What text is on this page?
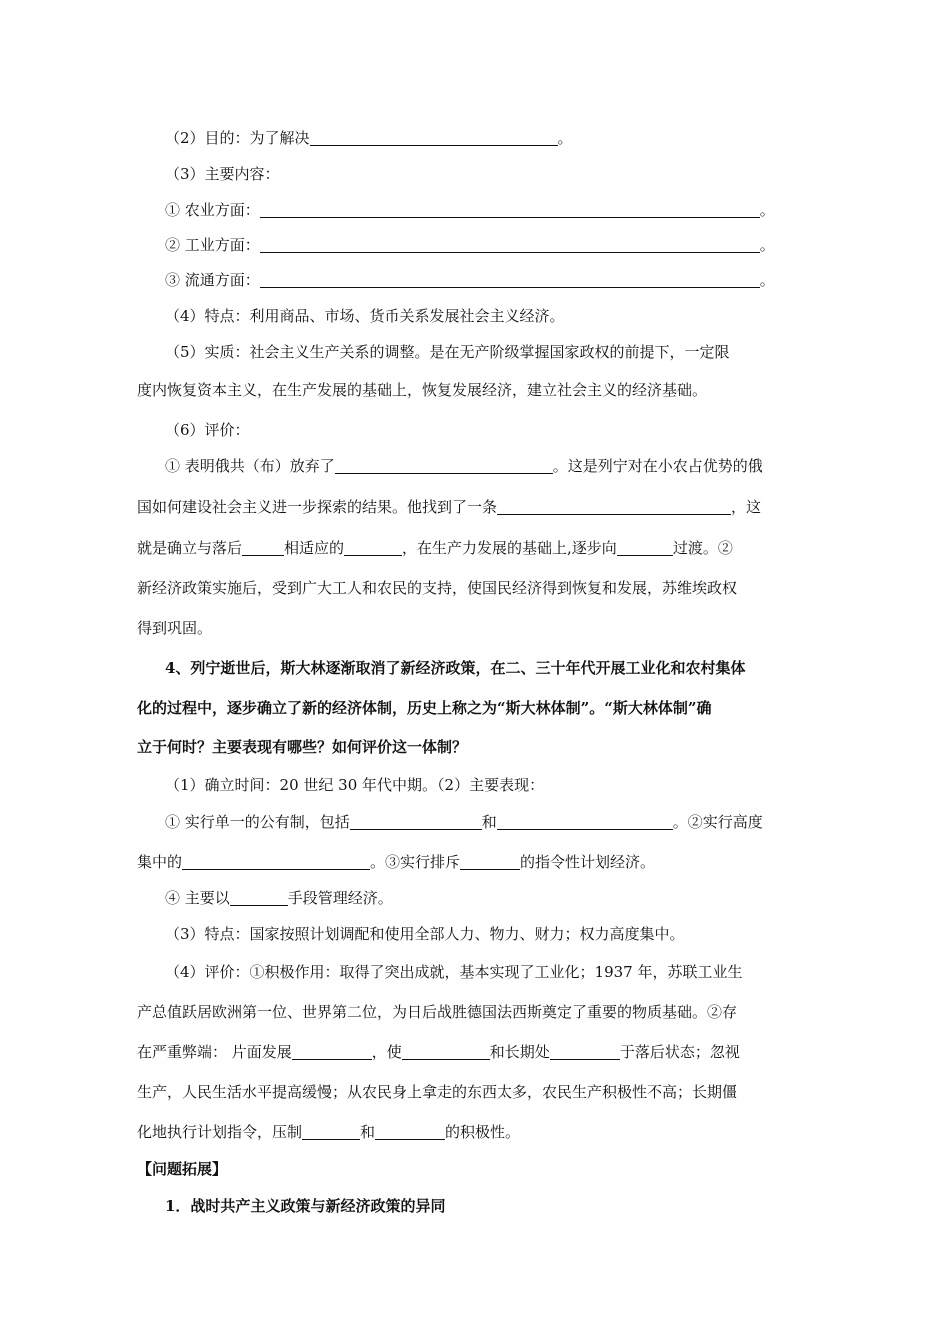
（2）目的：为了解决	。
（3）主要内容：
① 农业方面：	。
② 工业方面：	。
③ 流通方面：	。
（4）特点：利用商品、市场、货币关系发展社会主义经济。
（5）实质：社会主义生产关系的调整。是在无产阶级掌握国家政权的前提下，一定限
度内恢复资本主义，在生产发展的基础上，恢复发展经济，建立社会主义的经济基础。
（6）评价：
① 表明俄共（布）放弃了	。这是列宁对在小农占优势的俄
国如何建设社会主义进一步探索的结果。他找到了一条	，这
就是确立与落后	相适应的	，在生产力发展的基础上,逐步向	过渡。②
新经济政策实施后，受到广大工人和农民的支持，使国民经济得到恢复和发展，苏维埃政权
得到巩固。
4、列宁逝世后，斯大林逐渐取消了新经济政策，在二、三十年代开展工业化和农村集体
化的过程中，逐步确立了新的经济体制，历史上称之为“斯大林体制”。“斯大林体制”确
立于何时？主要表现有哪些？如何评价这一体制？
（1）确立时间：20 世纪 30 年代中期。（2）主要表现：
① 实行单一的公有制，包括	和	。②实行高度
集中的	。③实行排斥	的指令性计划经济。
④ 主要以	手段管理经济。
（3）特点：国家按照计划调配和使用全部人力、物力、财力；权力高度集中。
（4）评价：①积极作用：取得了突出成就，基本实现了工业化；1937 年，苏联工业生
产总值跃居欧洲第一位、世界第二位，为日后战胜德国法西斯奠定了重要的物质基础。②存
在严重弊端： 片面发展	，使	和长期处	于落后状态；忽视
生产，人民生活水平提高缓慢；从农民身上拿走的东西太多，农民生产积极性不高；长期僵
化地执行计划指令，压制	和	的积极性。
【问题拓展】
1．战时共产主义政策与新经济政策的异同
